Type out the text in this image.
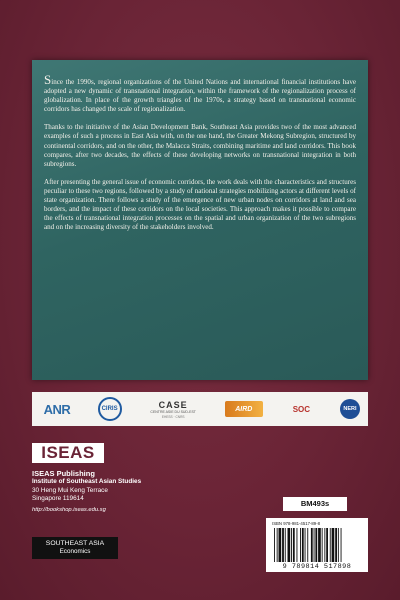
Since the 1990s, regional organizations of the United Nations and international financial institutions have adopted a new dynamic of transnational integration, within the framework of the regionalization process of globalization. In place of the growth triangles of the 1970s, a strategy based on transnational economic corridors has changed the scale of regionalization.

Thanks to the initiative of the Asian Development Bank, Southeast Asia provides two of the most advanced examples of such a process in East Asia with, on the one hand, the Greater Mekong Subregion, structured by continental corridors, and on the other, the Malacca Straits, combining maritime and land corridors. This book compares, after two decades, the effects of these developing networks on transnational integration in both subregions.

After presenting the general issue of economic corridors, the work deals with the characteristics and structures peculiar to these two regions, followed by a study of national strategies mobilizing actors at different levels of state organization. There follows a study of the emergence of new urban nodes on corridors at land and sea borders, and the impact of these corridors on the local societies. This approach makes it possible to compare the effects of transnational integration processes on the spatial and urban organization of the two subregions and on the increasing diversity of the stakeholders involved.

ANR	CIRIS	CASE
CENTRE ASIE DU SUD-EST
EHESS · CNRS
AIRD	SOC	NERI
ISEAS
ISEAS Publishing
Institute of Southeast Asian Studies
30 Heng Mui Keng Terrace
Singapore 119614
http://bookshop.iseas.edu.sg
SOUTHEAST ASIA
Economics
BM493s
ISBN 978-981-4517-89-8
9 789814 517898
